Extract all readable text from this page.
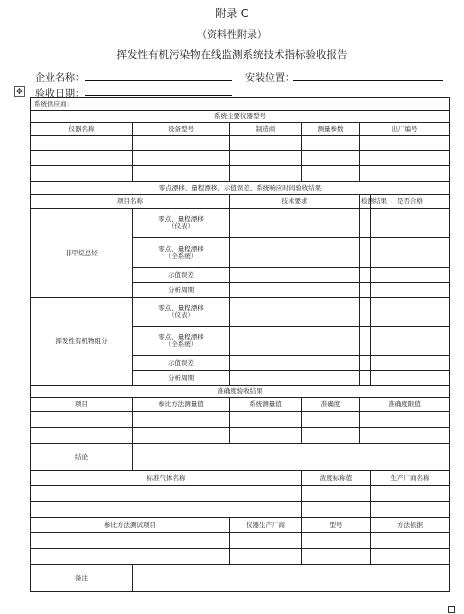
附录 C
（资料性附录）
挥发性有机污染物在线监测系统技术指标验收报告
企业名称：	安装位置：
✥ 验收日期：
系统供应商：					
系统主要仪器型号					
仪器名称	设备型号	制造商	测量参数	出厂编号	

零点漂移、量程漂移、示值误差、系统响应时间验收结果					
项目名称		技术要求		检测结果	是否合格
非甲烷总烃	零点、量程漂移
（仪表）				
	零点、量程漂移
（全系统）				
	示值误差				
	分析周期				
挥发性有机物组分	零点、量程漂移
（仪表）				
	零点、量程漂移
（全系统）				
	示值误差				
	分析周期				
准确度验收结果					
项目	参比方法测量值	系统测量值	准确度	准确度限值	

结论					
标准气体名称			浓度标称值		生产厂商名称

参比方法测试项目		仪器生产厂商	型号		方法依据

备注					
